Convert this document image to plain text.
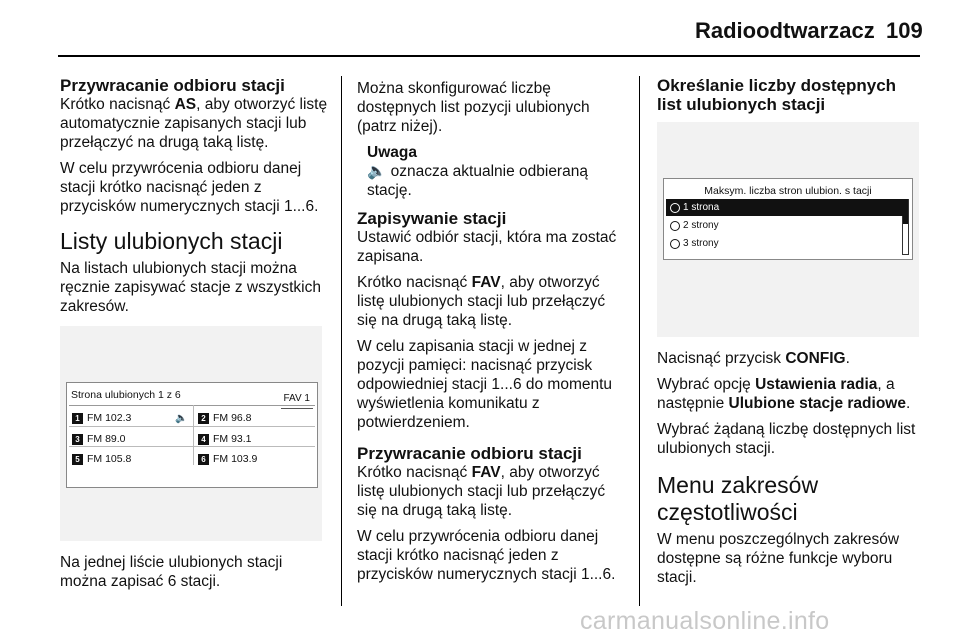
Radioodtwarzacz 109
Przywracanie odbioru stacji

Krótko nacisnąć AS, aby otworzyć listę automatycznie zapisanych stacji lub przełączyć na drugą taką listę.

W celu przywrócenia odbioru danej stacji krótko nacisnąć jeden z przycisków numerycznych stacji 1...6.

Listy ulubionych stacji

Na listach ulubionych stacji można ręcznie zapisywać stacje z wszystkich zakresów.

Strona ulubionych 1 z 6	FAV 1
1 FM 102.3	🔈	2 FM 96.8
3 FM 89.0	4 FM 93.1
5 FM 105.8	6 FM 103.9

Na jednej liście ulubionych stacji można zapisać 6 stacji.

Można skonfigurować liczbę dostępnych list pozycji ulubionych (patrz niżej).

Uwaga
🔈 oznacza aktualnie odbieraną stację.
Zapisywanie stacji

Ustawić odbiór stacji, która ma zostać zapisana.

Krótko nacisnąć FAV, aby otworzyć listę ulubionych stacji lub przełączyć się na drugą taką listę.

W celu zapisania stacji w jednej z pozycji pamięci: nacisnąć przycisk odpowiedniej stacji 1...6 do momentu wyświetlenia komunikatu z potwierdzeniem.

Przywracanie odbioru stacji

Krótko nacisnąć FAV, aby otworzyć listę ulubionych stacji lub przełączyć się na drugą taką listę.

W celu przywrócenia odbioru danej stacji krótko nacisnąć jeden z przycisków numerycznych stacji 1...6.

Określanie liczby dostępnych list ulubionych stacji
Maksym. liczba stron ulubion. s tacji
1 strona
2 strony
3 strony

Nacisnąć przycisk CONFIG.

Wybrać opcję Ustawienia radia, a następnie Ulubione stacje radiowe.

Wybrać żądaną liczbę dostępnych list ulubionych stacji.

Menu zakresów częstotliwości

W menu poszczególnych zakresów dostępne są różne funkcje wyboru stacji.

carmanualsonline.info
